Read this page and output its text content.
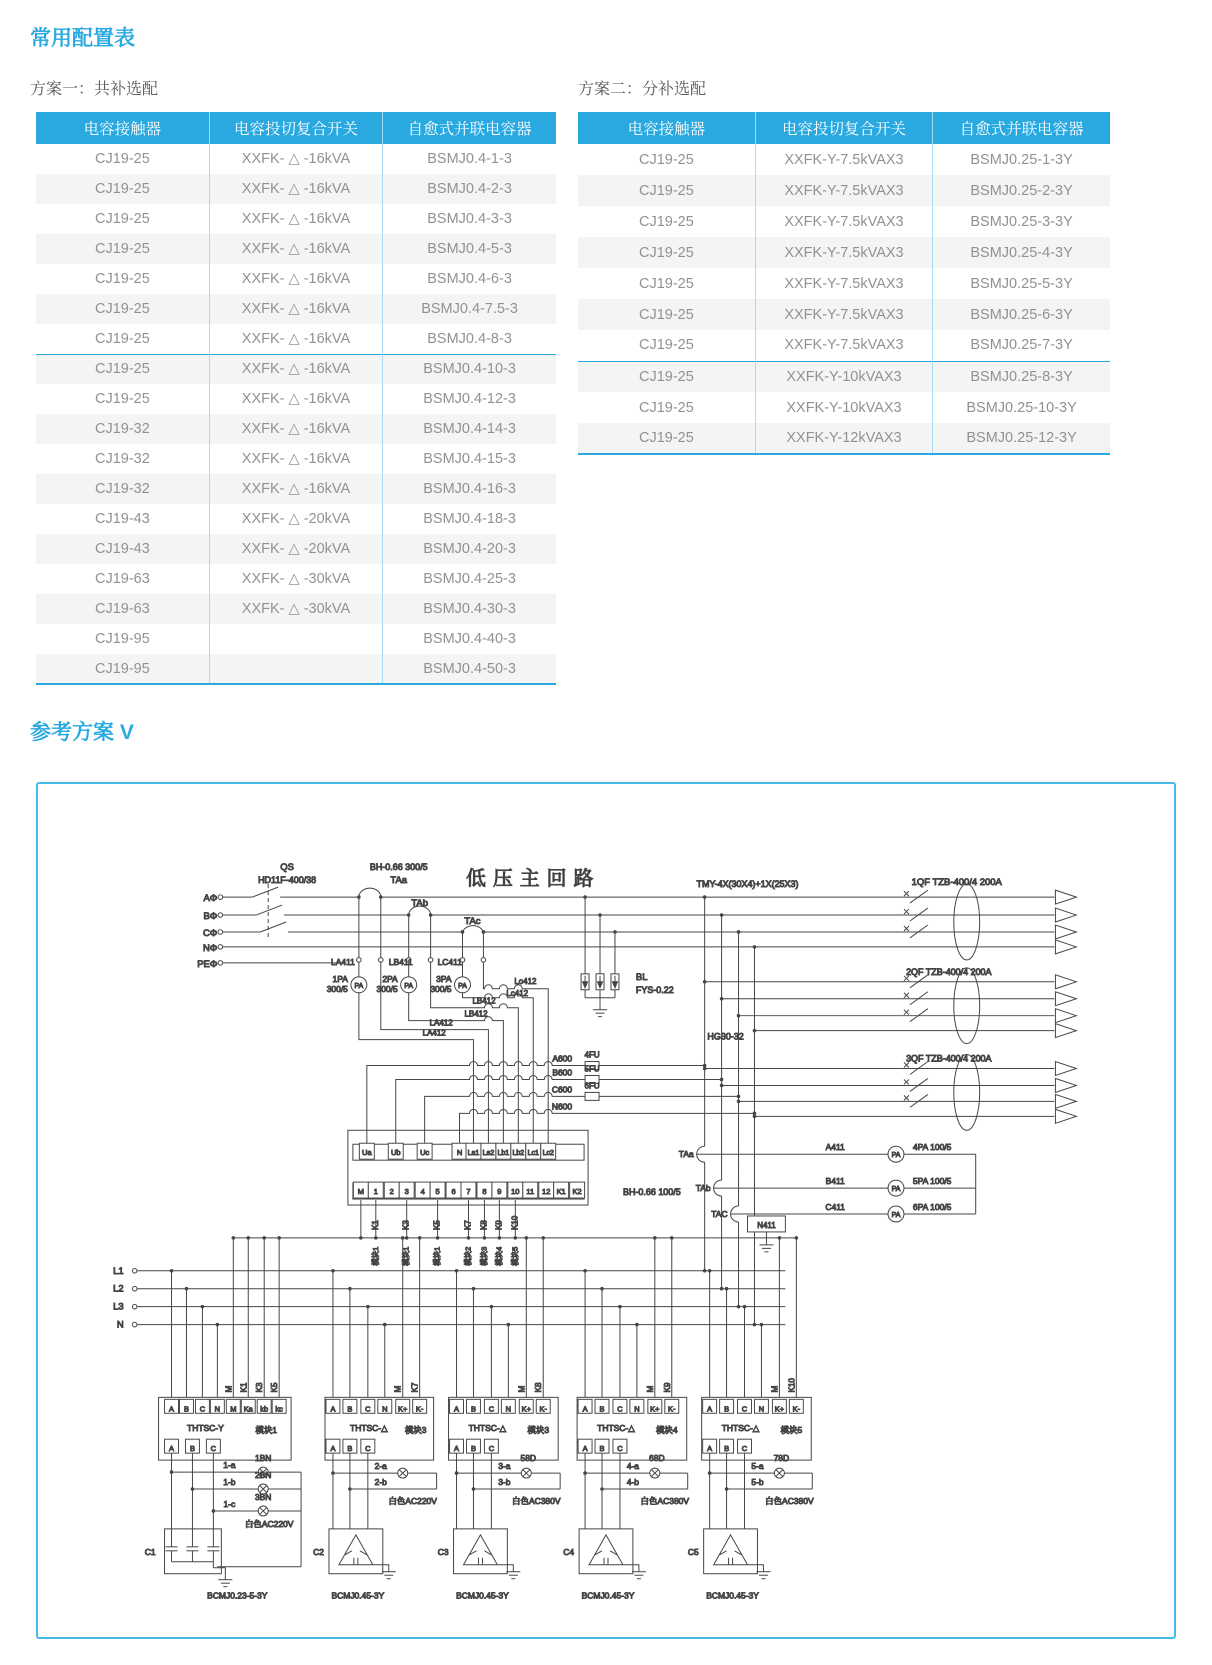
常用配置表
方案一：共补选配	方案二：分补选配
电容接触器	电容投切复合开关	自愈式并联电容器
CJ19-25	XXFK- △ -16kVA	BSMJ0.4-1-3
CJ19-25	XXFK- △ -16kVA	BSMJ0.4-2-3
CJ19-25	XXFK- △ -16kVA	BSMJ0.4-3-3
CJ19-25	XXFK- △ -16kVA	BSMJ0.4-5-3
CJ19-25	XXFK- △ -16kVA	BSMJ0.4-6-3
CJ19-25	XXFK- △ -16kVA	BSMJ0.4-7.5-3
CJ19-25	XXFK- △ -16kVA	BSMJ0.4-8-3
CJ19-25	XXFK- △ -16kVA	BSMJ0.4-10-3
CJ19-25	XXFK- △ -16kVA	BSMJ0.4-12-3
CJ19-32	XXFK- △ -16kVA	BSMJ0.4-14-3
CJ19-32	XXFK- △ -16kVA	BSMJ0.4-15-3
CJ19-32	XXFK- △ -16kVA	BSMJ0.4-16-3
CJ19-43	XXFK- △ -20kVA	BSMJ0.4-18-3
CJ19-43	XXFK- △ -20kVA	BSMJ0.4-20-3
CJ19-63	XXFK- △ -30kVA	BSMJ0.4-25-3
CJ19-63	XXFK- △ -30kVA	BSMJ0.4-30-3
CJ19-95		BSMJ0.4-40-3
CJ19-95		BSMJ0.4-50-3
电容接触器	电容投切复合开关	自愈式并联电容器
CJ19-25	XXFK-Y-7.5kVAX3	BSMJ0.25-1-3Y
CJ19-25	XXFK-Y-7.5kVAX3	BSMJ0.25-2-3Y
CJ19-25	XXFK-Y-7.5kVAX3	BSMJ0.25-3-3Y
CJ19-25	XXFK-Y-7.5kVAX3	BSMJ0.25-4-3Y
CJ19-25	XXFK-Y-7.5kVAX3	BSMJ0.25-5-3Y
CJ19-25	XXFK-Y-7.5kVAX3	BSMJ0.25-6-3Y
CJ19-25	XXFK-Y-7.5kVAX3	BSMJ0.25-7-3Y
CJ19-25	XXFK-Y-10kVAX3	BSMJ0.25-8-3Y
CJ19-25	XXFK-Y-10kVAX3	BSMJ0.25-10-3Y
CJ19-25	XXFK-Y-12kVAX3	BSMJ0.25-12-3Y
参考方案 V
QS
HD11F-400/38
BH-0.66 300/5
TAa	低压主回路
TAb
TAc
AΦ
BΦ
CΦ
NΦ
PEΦ
TMY-4X(30X4)+1X(25X3)	1QF TZB-400/4 200A
2QF TZB-400/4 200A
3QF TZB-400/4 200A
BL
FYS-0.22
LA411	LB411	LC411
1PA
300/5
2PA
300/5
3PA
300/5
PA	PA	PA
Lo412
Lc412
LB412
LB412
LA412
LA412	HG30-32
A600
B600
C600
N600
4FU
5FU
6FU
Ua	Ub	Uc	N La1 La2 Lb1 Lb2 Lc1 Lc2
M 1 2 3 4 5 6 7 8 9 10 11 12 K1 K2
K1	K3	K5	K7 K8 K9 K10
模块1	模块1	模块1	模块2 模块3 模块4 模块5
TAa
TAb
TAC
BH-0.66 100/5
A411
B411
C411
4PA 100/5
5PA 100/5
6PA 100/5
PA
PA
PA
N411
L1
L2
L3
N
A B C N M Ka kb kc	A B C N K+ K-	A B C N K+ K-	A B C N K+ K-	A B C N K+ K-
THTSC-Y	模块1	THTSC-△ 模块3	THTSC-△ 模块3	THTSC-△ 模块4	THTSC-△ 模块5
A B C	A B C	A B C	A B C	A B C
M K1 K3 K5	M K7	M K8	M K9	M K10
1-a
1BN
1-b
2BN
1-c
3BN
白色AC220V
2-a
2-b
白色AC220V
3-a
58D
3-b
白色AC380V
4-a
68D
4-b
白色AC380V
5-a
78D
5-b
白色AC380V
C1	C2	C3	C4	C5
BCMJ0.23-5-3Y	BCMJ0.45-3Y	BCMJ0.45-3Y	BCMJ0.45-3Y	BCMJ0.45-3Y
